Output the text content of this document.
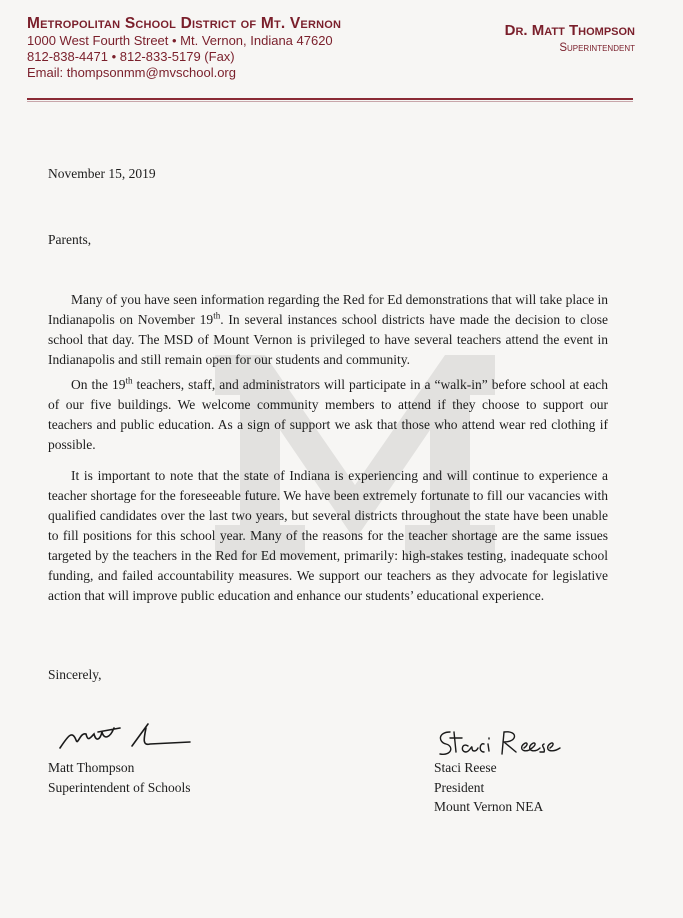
Metropolitan School District of Mt. Vernon
1000 West Fourth Street • Mt. Vernon, Indiana 47620
812-838-4471 • 812-833-5179 (Fax)
Email: thompsonmm@mvschool.org
Dr. Matt Thompson
Superintendent
November 15, 2019
Parents,

Many of you have seen information regarding the Red for Ed demonstrations that will take place in Indianapolis on November 19th. In several instances school districts have made the decision to close school that day. The MSD of Mount Vernon is privileged to have several teachers attend the event in Indianapolis and still remain open for our students and community.

On the 19th teachers, staff, and administrators will participate in a “walk-in” before school at each of our five buildings. We welcome community members to attend if they choose to support our teachers and public education. As a sign of support we ask that those who attend wear red clothing if possible.

It is important to note that the state of Indiana is experiencing and will continue to experience a teacher shortage for the foreseeable future. We have been extremely fortunate to fill our vacancies with qualified candidates over the last two years, but several districts throughout the state have been unable to fill positions for this school year. Many of the reasons for the teacher shortage are the same issues targeted by the teachers in the Red for Ed movement, primarily: high-stakes testing, inadequate school funding, and failed accountability measures. We support our teachers as they advocate for legislative action that will improve public education and enhance our students’ educational experience.

Sincerely,
Matt Thompson
Superintendent of Schools
Staci Reese
President
Mount Vernon NEA
